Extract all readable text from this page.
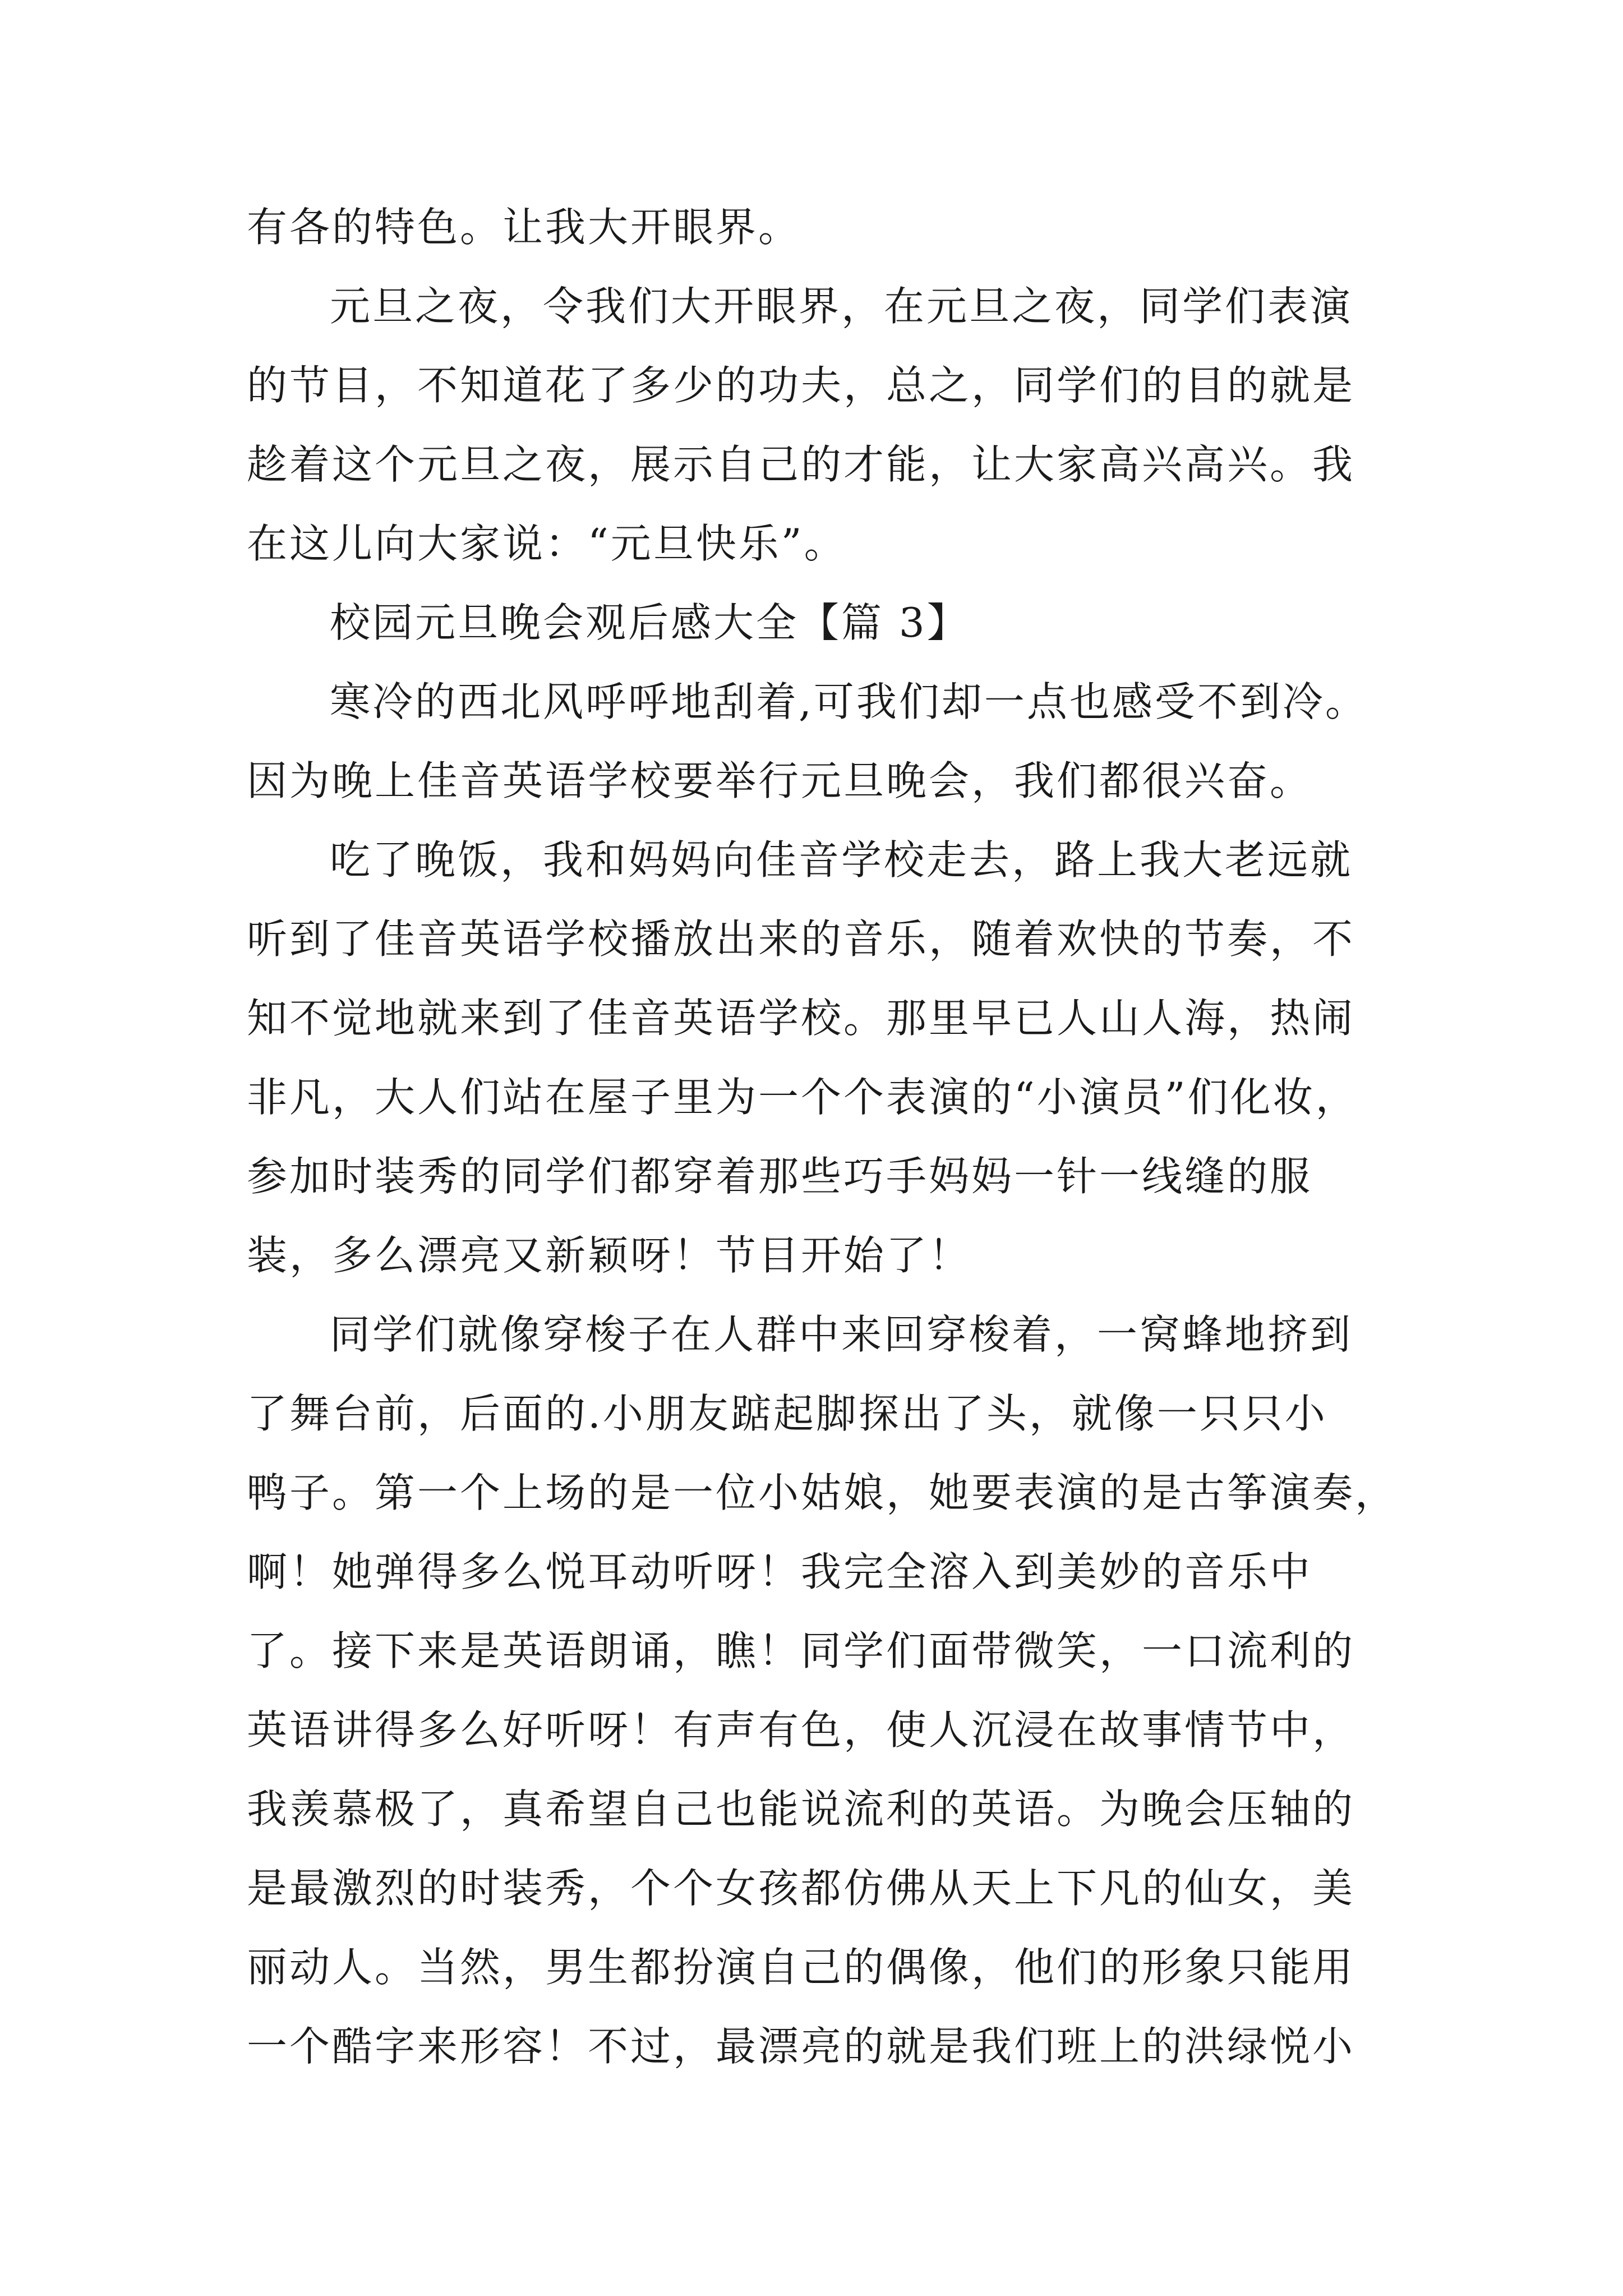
有各的特色。让我大开眼界。
元旦之夜，令我们大开眼界，在元旦之夜，同学们表演
的节目，不知道花了多少的功夫，总之，同学们的目的就是
趁着这个元旦之夜，展示自己的才能，让大家高兴高兴。我
在这儿向大家说：“元旦快乐”。
校园元旦晚会观后感大全【篇 3】
寒冷的西北风呼呼地刮着,可我们却一点也感受不到冷。
因为晚上佳音英语学校要举行元旦晚会，我们都很兴奋。
吃了晚饭，我和妈妈向佳音学校走去，路上我大老远就
听到了佳音英语学校播放出来的音乐，随着欢快的节奏，不
知不觉地就来到了佳音英语学校。那里早已人山人海，热闹
非凡，大人们站在屋子里为一个个表演的“小演员”们化妆，
参加时装秀的同学们都穿着那些巧手妈妈一针一线缝的服
装，多么漂亮又新颖呀！节目开始了！
同学们就像穿梭子在人群中来回穿梭着，一窝蜂地挤到
了舞台前，后面的.小朋友踮起脚探出了头，就像一只只小
鸭子。第一个上场的是一位小姑娘，她要表演的是古筝演奏，
啊！她弹得多么悦耳动听呀！我完全溶入到美妙的音乐中
了。接下来是英语朗诵，瞧！同学们面带微笑，一口流利的
英语讲得多么好听呀！有声有色，使人沉浸在故事情节中，
我羡慕极了，真希望自己也能说流利的英语。为晚会压轴的
是最激烈的时装秀，个个女孩都仿佛从天上下凡的仙女，美
丽动人。当然，男生都扮演自己的偶像，他们的形象只能用
一个酷字来形容！不过，最漂亮的就是我们班上的洪绿悦小
